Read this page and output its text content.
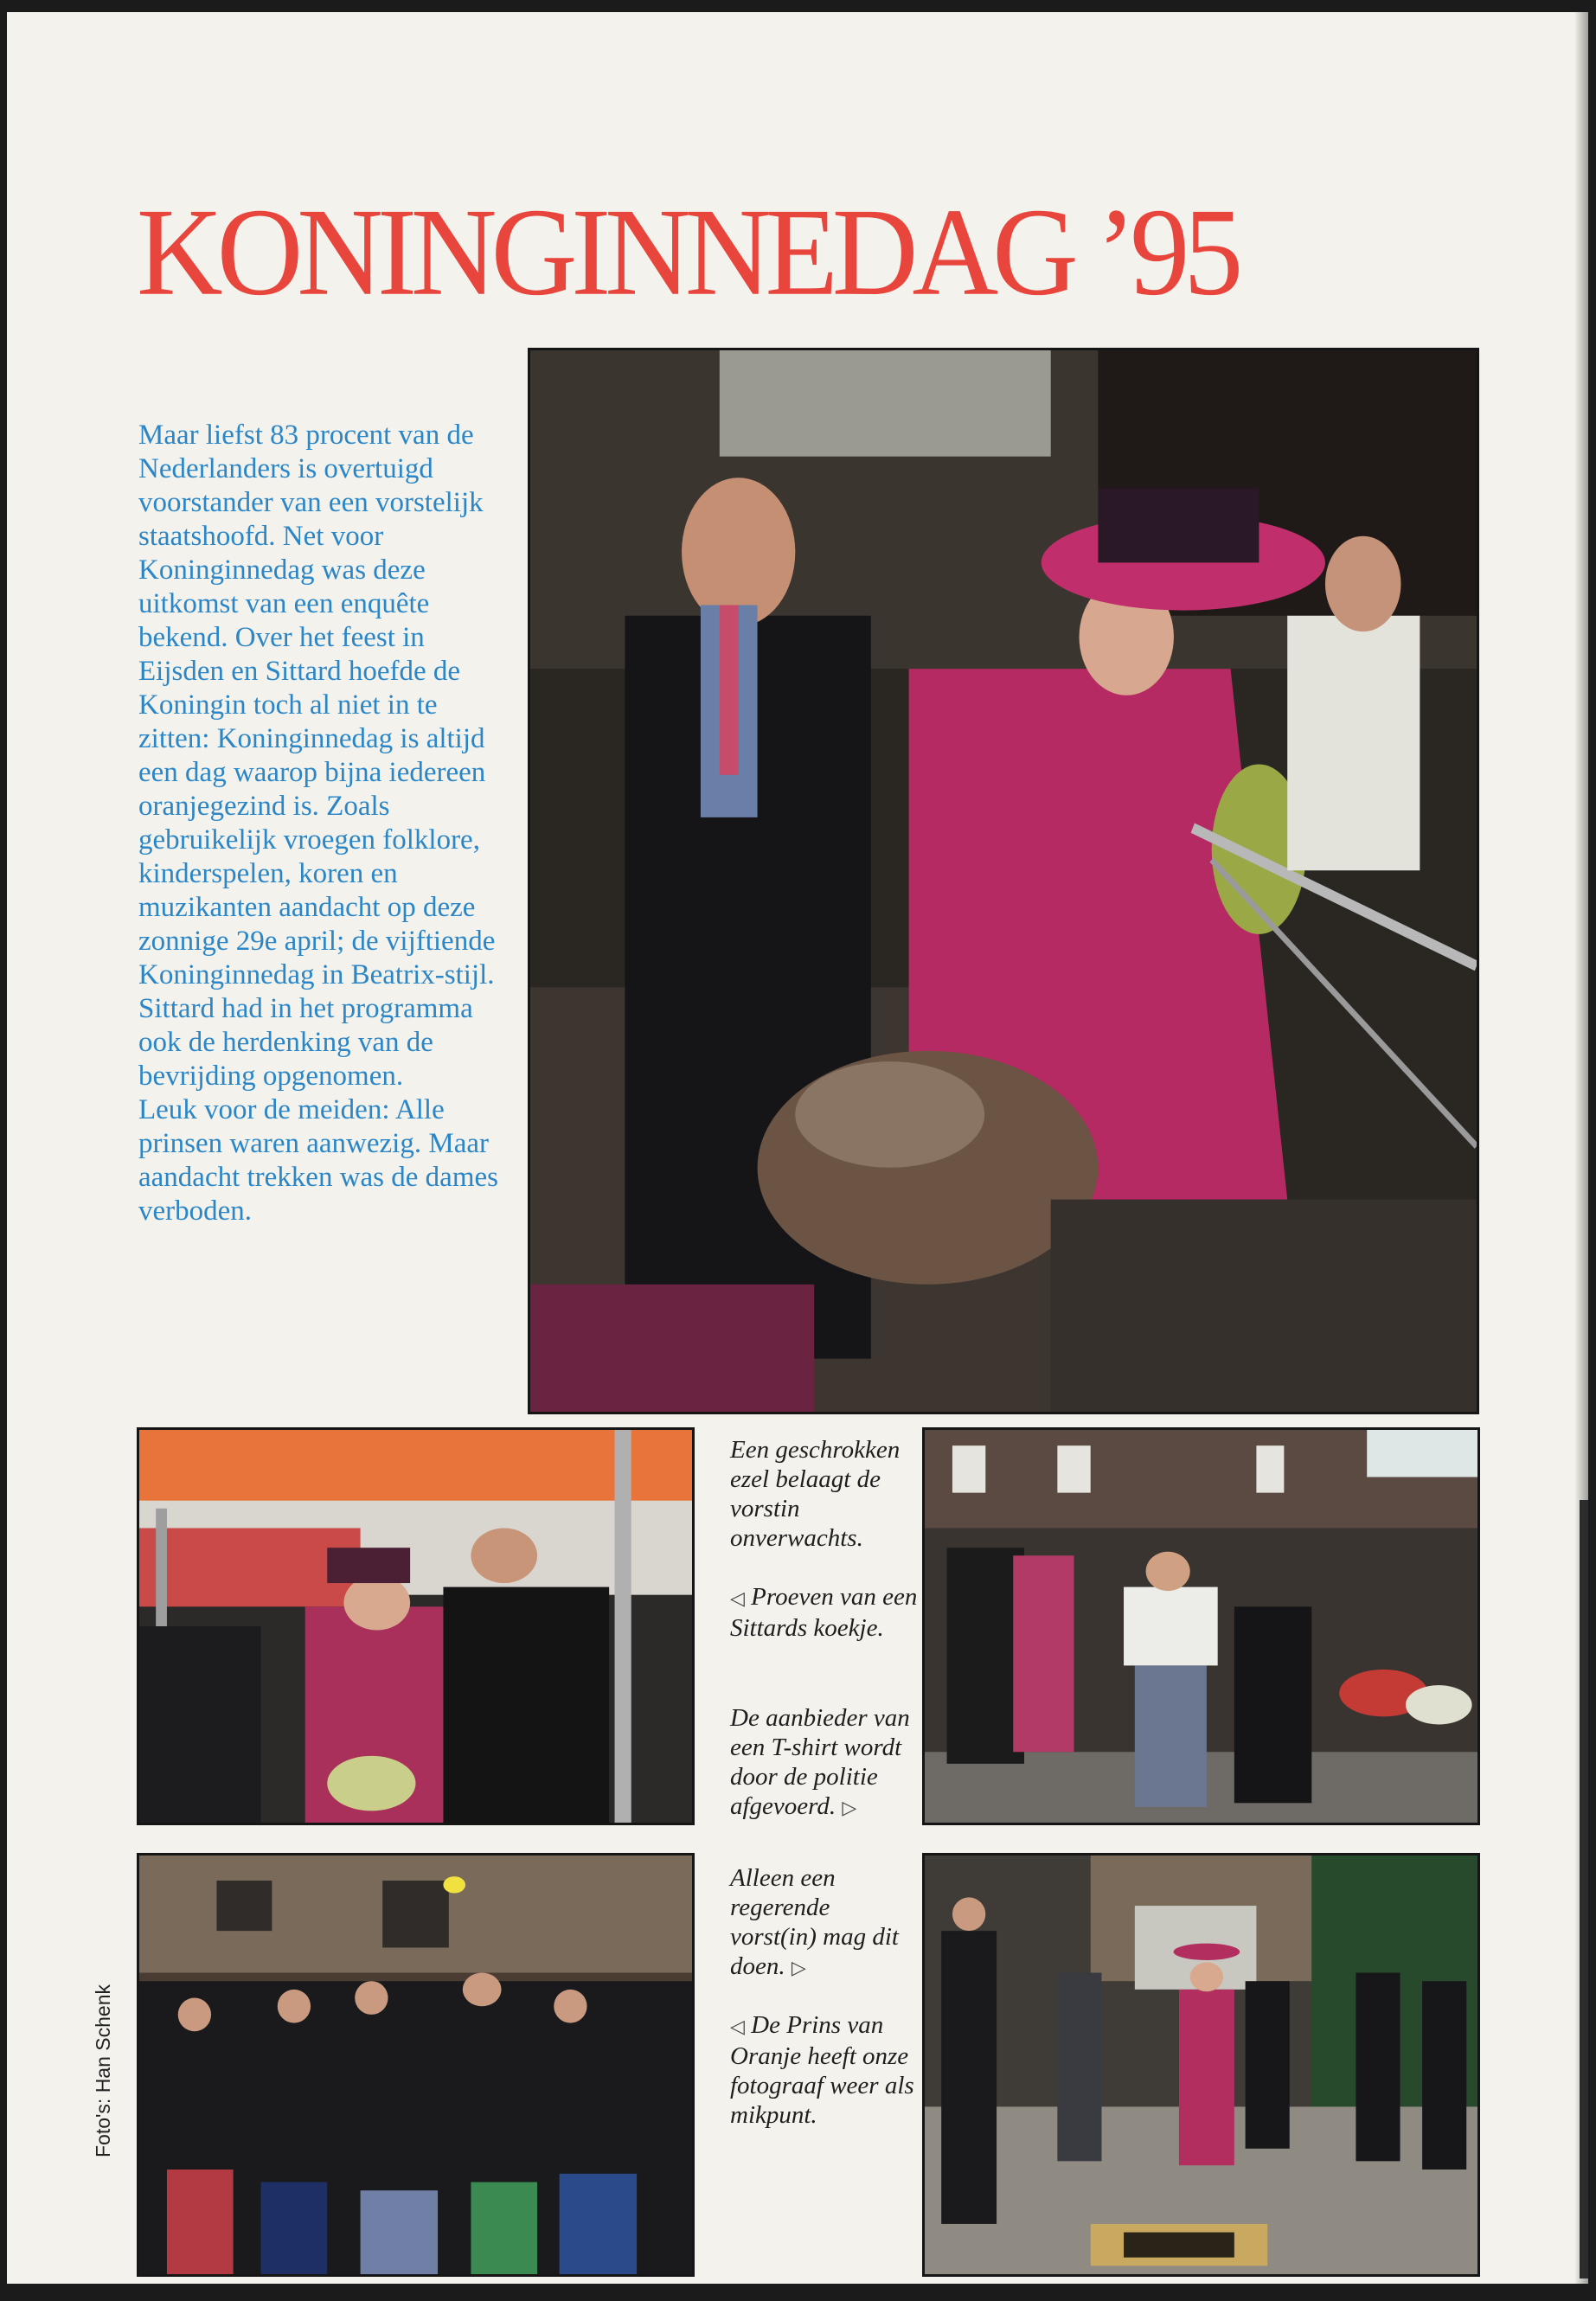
KONINGINNEDAG ’95

Maar liefst 83 procent van de Nederlanders is overtuigd voorstander van een vorstelijk staatshoofd. Net voor Koninginnedag was deze uitkomst van een enquête bekend. Over het feest in Eijsden en Sittard hoefde de Koningin toch al niet in te zitten: Koninginnedag is altijd een dag waarop bijna iedereen oranjegezind is. Zoals gebruikelijk vroegen folklore, kinderspelen, koren en muzikanten aandacht op deze zonnige 29e april; de vijftiende Koninginnedag in Beatrix-stijl. Sittard had in het programma ook de herdenking van de bevrijding opgenomen.

Leuk voor de meiden: Alle prinsen waren aanwezig. Maar aandacht trekken was de dames verboden.

Een geschrokken ezel belaagt de vorstin onverwachts.
◁ Proeven van een Sittards koekje.
De aanbieder van een T-shirt wordt door de politie afgevoerd. ▷
Alleen een regerende vorst(in) mag dit doen. ▷
◁ De Prins van Oranje heeft onze fotograaf weer als mikpunt.
Foto's: Han Schenk
